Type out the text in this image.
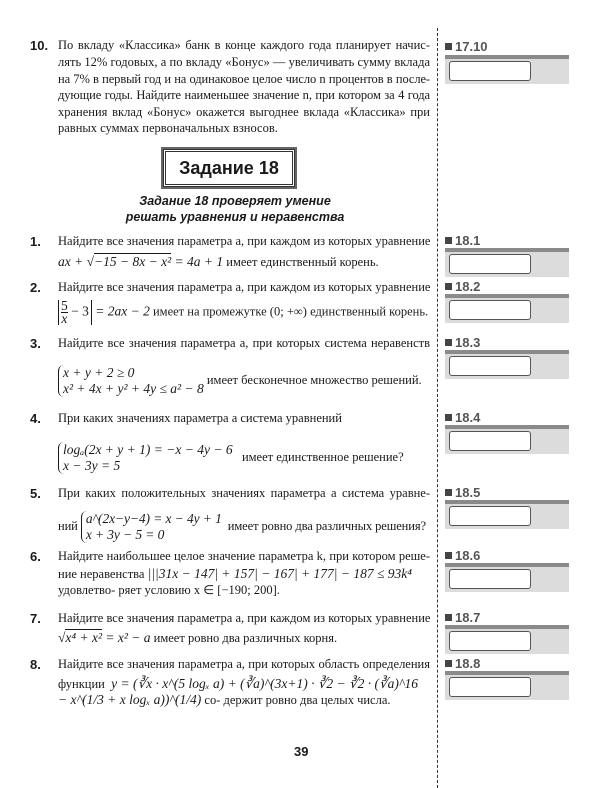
10. По вкладу «Классика» банк в конце каждого года планирует начис-
лять 12% годовых, а по вкладу «Бонус» — увеличивать сумму вклада
на 7% в первый год и на одинаковое целое число n процентов в после-
дующие годы. Найдите наименьшее значение n, при котором за 4 года
хранения вклад «Бонус» окажется выгоднее вклада «Классика» при
равных суммах первоначальных взносов.
Задание 18
Задание 18 проверяет умение
решать уравнения и неравенства
1. Найдите все значения параметра a, при каждом из которых уравнение
ax + √−15 − 8x − x² = 4a + 1 имеет единственный корень.
2. Найдите все значения параметра a, при каждом из которых уравнение
$\frac{5}{x} - 3 = 2ax - 2$ имеет на промежутке (0; +∞) единственный корень.
3. Найдите все значения параметра a, при которых система неравенств
x + y + 2 ≥ 0
x² + 4x + y² + 4y ≤ a² − 8 имеет бесконечное множество решений.
4. При каких значениях параметра a система уравнений
logₐ(2x + y + 1) = −x − 4y − 6
x − 3y = 5   имеет единственное решение?
5. При каких положительных значениях параметра a система уравне-
ний a^(2x−y−4) = x − 4y + 1
x + 3y − 5 = 0  имеет ровно два различных решения?
6. Найдите наибольшее целое значение параметра k, при котором реше-
ние неравенства |||31x − 147| + 157| − 167| + 177| − 187 ≤ 93k⁴ удовлетво- ряет условию x ∈ [−190; 200].
7. Найдите все значения параметра a, при каждом из которых уравнение
√x⁴ + x² = x² − a имеет ровно два различных корня.
8. Найдите все значения параметра a, при которых область определения
функции y = (∛x · x^(5 logₓ a) + (∛a)^(3x+1) · ∛2 − ∛2 · (∛a)^16 − x^(1/3 + x logₓ a))^(1/4) со- держит ровно два целых числа.
39
17.10
18.1
18.2
18.3
18.4
18.5
18.6
18.7
18.8
